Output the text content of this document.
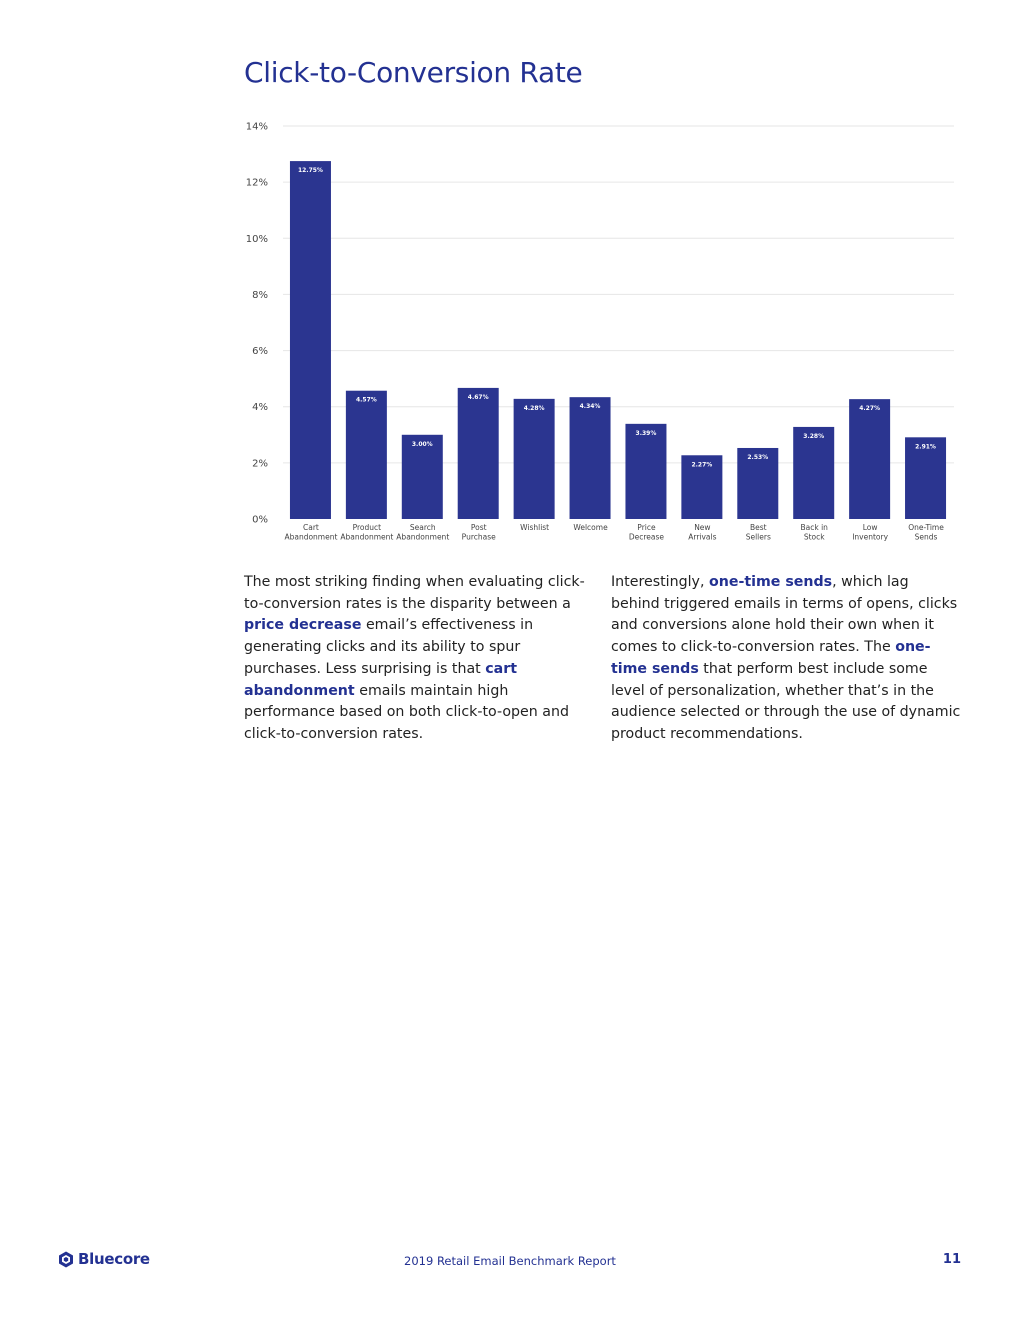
Click-to-Conversion Rate
0%
2%
4%
6%
8%
10%
12%
14%
12.75%
4.57%
3.00%
4.67%
4.28%	4.34%
3.39%
2.27%
2.53%
3.28%
4.27%
2.91%
Cart
Abandonment
Product
Abandonment
Search
Abandonment
Post
Purchase
Wishlist	Welcome	Price
Decrease
New
Arrivals
Best
Sellers
Back in
Stock
Low
Inventory
One-Time
Sends

The most striking finding when evaluating click-to-conversion rates is the disparity between a price decrease email’s effectiveness in generating clicks and its ability to spur purchases. Less surprising is that cart abandonment emails maintain high performance based on both click-to-open and click-to-conversion rates.

Interestingly, one-time sends, which lag behind triggered emails in terms of opens, clicks and conversions alone hold their own when it comes to click-to-conversion rates. The one-time sends that perform best include some level of personalization, whether that’s in the audience selected or through the use of dynamic product recommendations.

Bluecore	2019 Retail Email Benchmark Report	11
